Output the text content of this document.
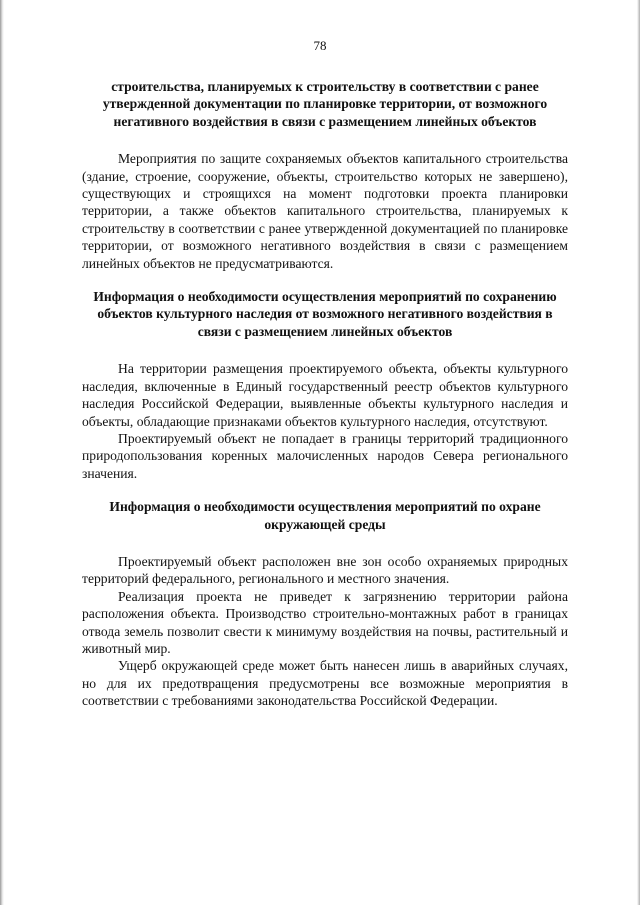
78

строительства, планируемых к строительству в соответствии с ранее утвержденной документации по планировке территории, от возможного негативного воздействия в связи с размещением линейных объектов

Мероприятия по защите сохраняемых объектов капитального строительства (здание, строение, сооружение, объекты, строительство которых не завершено), существующих и строящихся на момент подготовки проекта планировки территории, а также объектов капитального строительства, планируемых к строительству в соответствии с ранее утвержденной документацией по планировке территории, от возможного негативного воздействия в связи с размещением линейных объектов не предусматриваются.

Информация о необходимости осуществления мероприятий по сохранению объектов культурного наследия от возможного негативного воздействия в связи с размещением линейных объектов

На территории размещения проектируемого объекта, объекты культурного наследия, включенные в Единый государственный реестр объектов культурного наследия Российской Федерации, выявленные объекты культурного наследия и объекты, обладающие признаками объектов культурного наследия, отсутствуют.

Проектируемый объект не попадает в границы территорий традиционного природопользования коренных малочисленных народов Севера регионального значения.

Информация о необходимости осуществления мероприятий по охране окружающей среды

Проектируемый объект расположен вне зон особо охраняемых природных территорий федерального, регионального и местного значения.

Реализация проекта не приведет к загрязнению территории района расположения объекта. Производство строительно-монтажных работ в границах отвода земель позволит свести к минимуму воздействия на почвы, растительный и животный мир.

Ущерб окружающей среде может быть нанесен лишь в аварийных случаях, но для их предотвращения предусмотрены все возможные мероприятия в соответствии с требованиями законодательства Российской Федерации.
